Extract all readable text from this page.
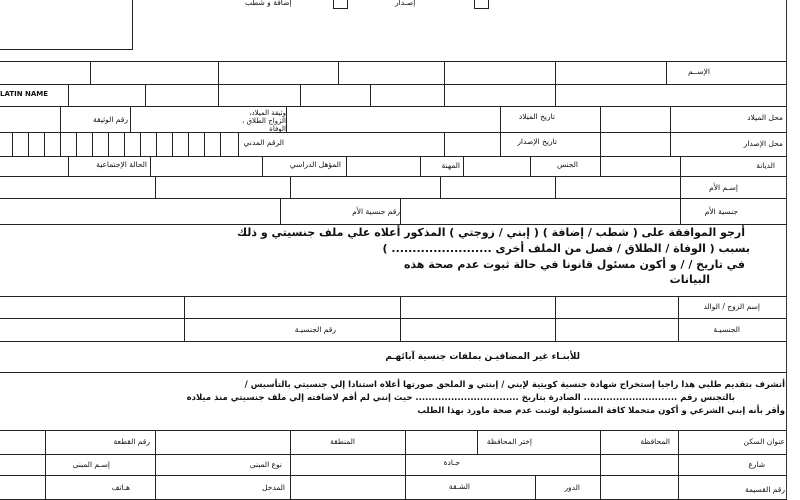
إضافة و شطب	إصـدار
الإســم
LATIN NAME
محل الميلاد
تاريخ الميلاد
وثيقة الميلاد، الزواج الطلاق ، الوفاة
رقم الوثيقة
محل الإصدار
تاريخ الإصدار
الرقم المدني
الديانة
الجنس
المهنة
المؤهل الدراسي
الحالة الإجتماعية
إسـم الأم
جنسية الأم
رقم جنسية الأم
أرجو الموافقة على ( شطب / إضافة ) ( إبني / زوجتي ) المذكور أعلاه علي ملف جنسيتي و ذلك
بسبب ( الوفاة / الطلاق / فصل من الملف أخرى ........................ )
في تاريخ / / و أكون مسئول قانونا في حالة ثبوت عدم صحة هذه
البيانات
إسم الزوج / الوالد
الجنسيـة
رقم الجنسيـة
للأبنـاء غير المضافيـن بملفات جنسية آبائهـم
أتشرف بتقديم طلبي هذا راجيا إستخراج شهادة جنسية كويتية لإبني / إبنتي و الملحق صورتها أعلاه استنادا إلي جنسيتي بالتأسيس /
بالتجنس رقم ............................. الصادرة بتاريخ ................................ حيث إنني لم أقم لاضافته إلي ملف جنسيتي منذ ميلاده
وأقر بأنه إبني الشرعي و أكون متحملا كافة المسئولية لوثبت عدم صحة ماورد بهذا الطلب
عنوان السكن
المحافظة
إختر المحافظة
المنطقة
رقم القطعة
شارع
جـادة
نوع المبنى
إسـم المبنى
رقم القسيمة
الدور
الشـقة
المدخل
هـاتف
